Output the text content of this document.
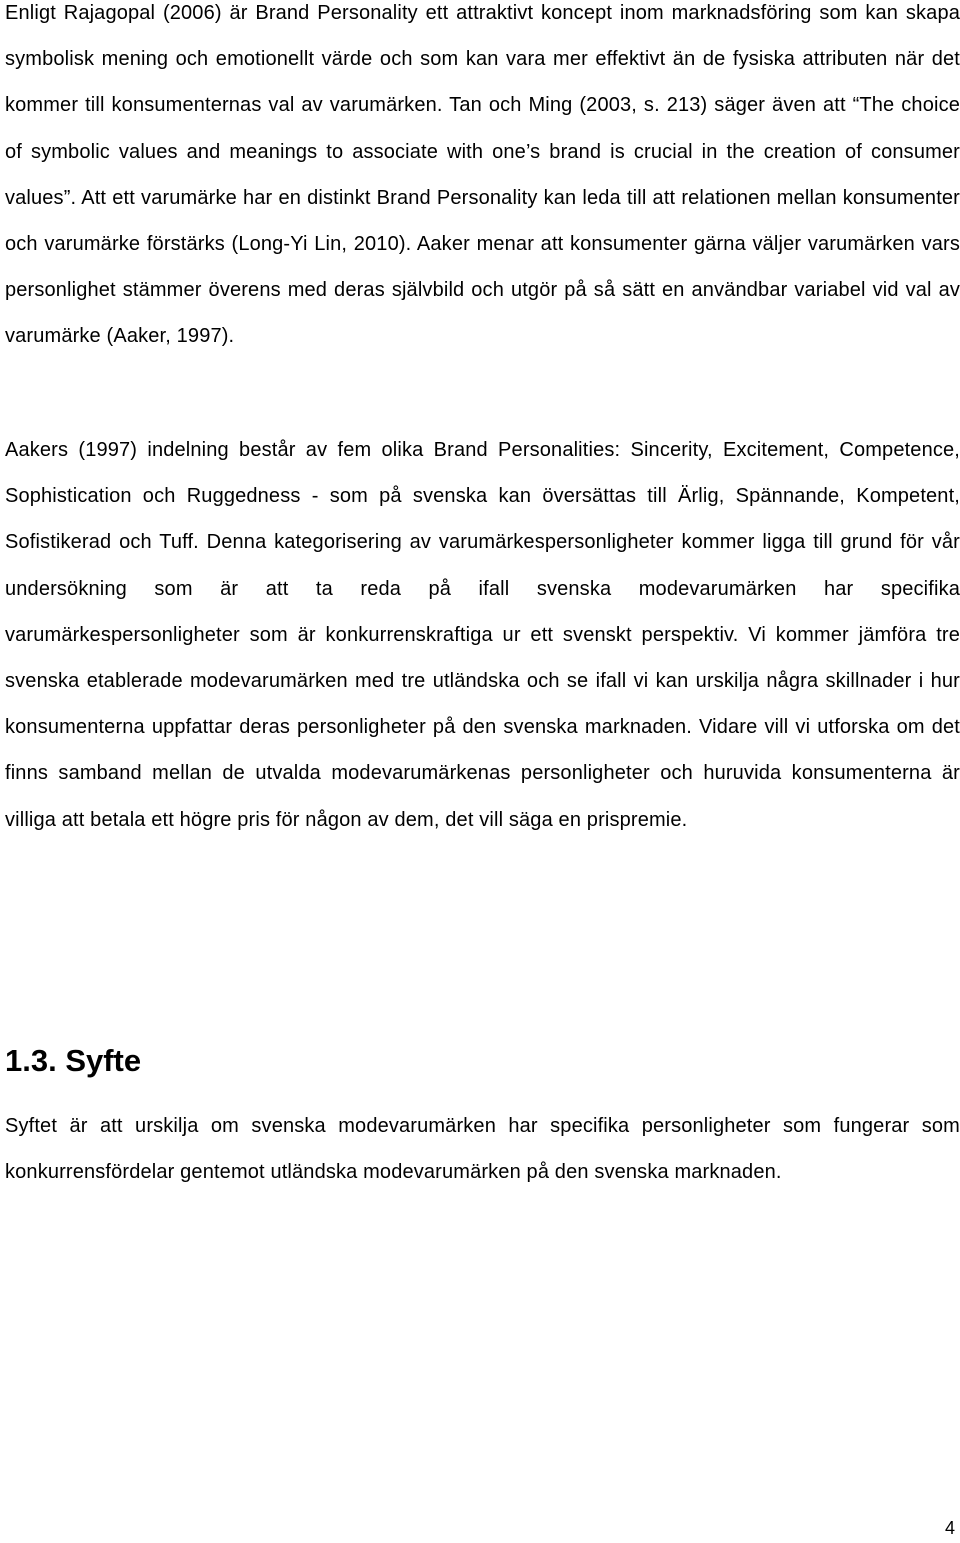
Enligt Rajagopal (2006) är Brand Personality ett attraktivt koncept inom marknadsföring som kan skapa symbolisk mening och emotionellt värde och som kan vara mer effektivt än de fysiska attributen när det kommer till konsumenternas val av varumärken. Tan och Ming (2003, s. 213) säger även att “The choice of symbolic values and meanings to associate with one’s brand is crucial in the creation of consumer values”. Att ett varumärke har en distinkt Brand Personality kan leda till att relationen mellan konsumenter och varumärke förstärks (Long-Yi Lin, 2010). Aaker menar att konsumenter gärna väljer varumärken vars personlighet stämmer överens med deras självbild och utgör på så sätt en användbar variabel vid val av varumärke (Aaker, 1997).

Aakers (1997) indelning består av fem olika Brand Personalities: Sincerity, Excitement, Competence, Sophistication och Ruggedness - som på svenska kan översättas till Ärlig, Spännande, Kompetent, Sofistikerad och Tuff. Denna kategorisering av varumärkespersonligheter kommer ligga till grund för vår undersökning som är att ta reda på ifall svenska modevarumärken har specifika varumärkespersonligheter som är konkurrenskraftiga ur ett svenskt perspektiv. Vi kommer jämföra tre svenska etablerade modevarumärken med tre utländska och se ifall vi kan urskilja några skillnader i hur konsumenterna uppfattar deras personligheter på den svenska marknaden. Vidare vill vi utforska om det finns samband mellan de utvalda modevarumärkenas personligheter och huruvida konsumenterna är villiga att betala ett högre pris för någon av dem, det vill säga en prispremie.

1.3. Syfte

Syftet är att urskilja om svenska modevarumärken har specifika personligheter som fungerar som konkurrensfördelar gentemot utländska modevarumärken på den svenska marknaden.

4
